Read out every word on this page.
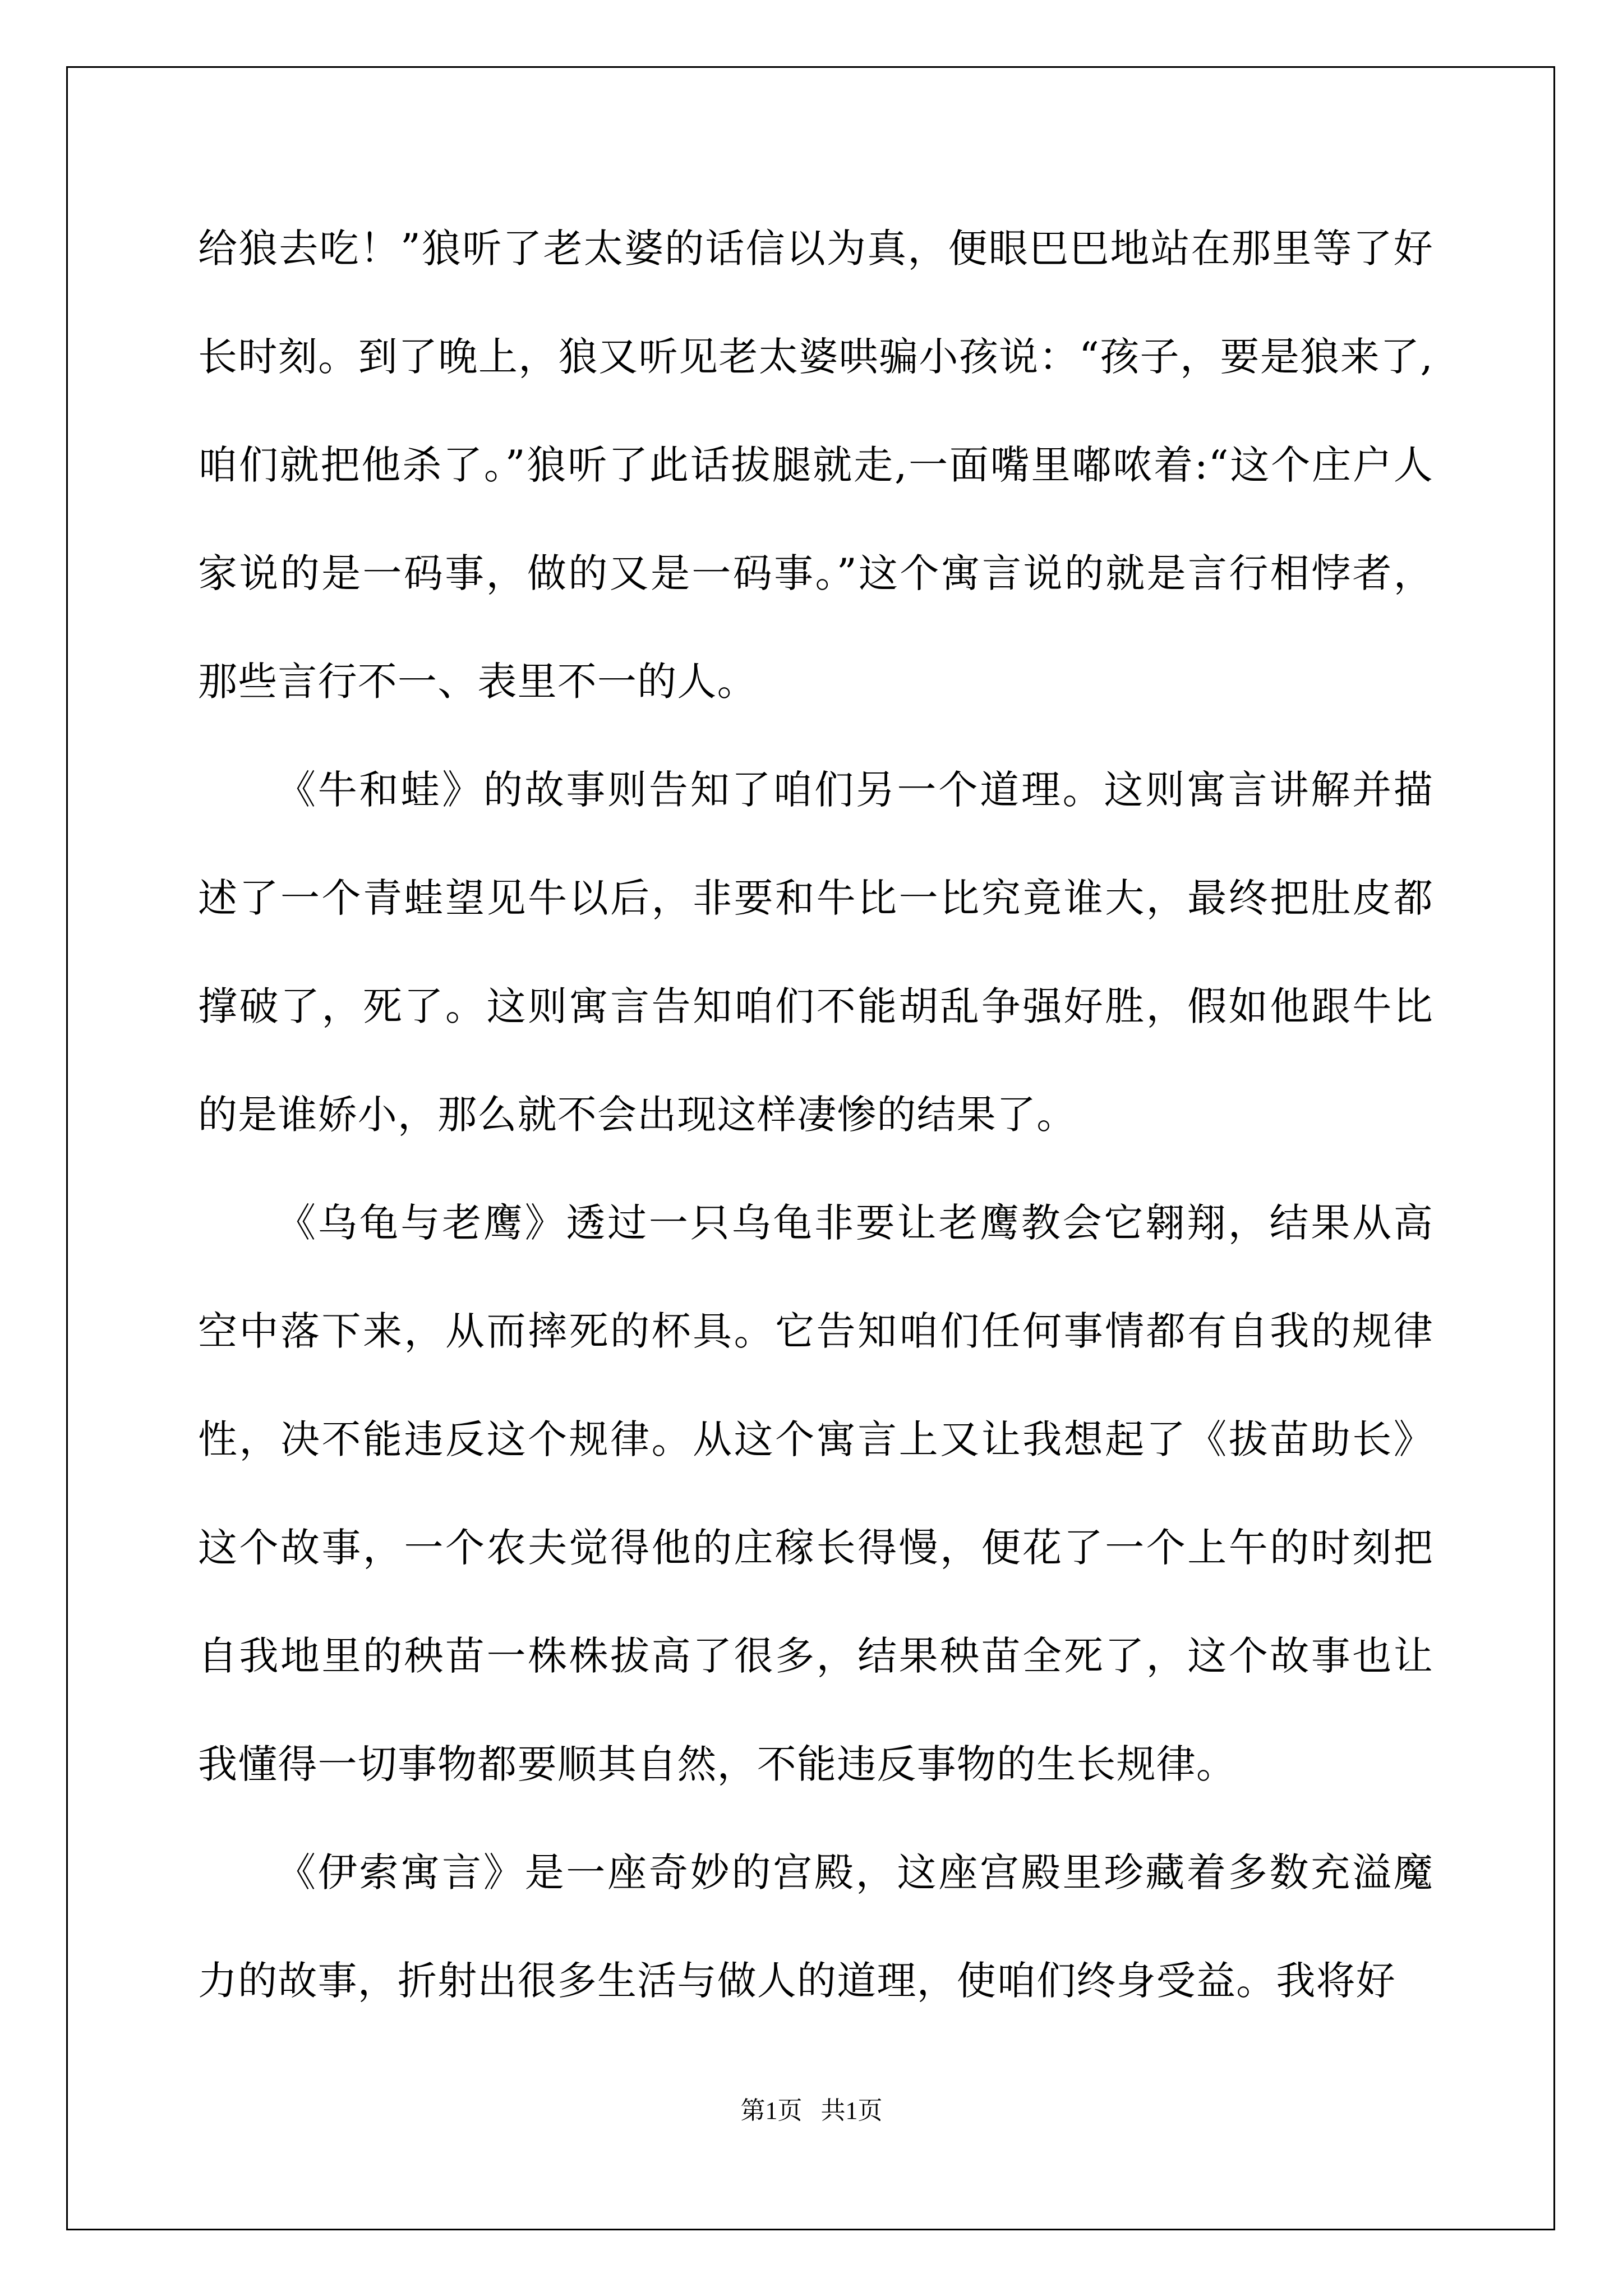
给狼去吃！”狼听了老太婆的话信以为真，便眼巴巴地站在那里等了好长时刻。到了晚上，狼又听见老太婆哄骗小孩说：“孩子，要是狼来了,咱们就把他杀了。”狼听了此话拔腿就走,一面嘴里嘟哝着:“这个庄户人家说的是一码事，做的又是一码事。”这个寓言说的就是言行相悖者，那些言行不一、表里不一的人。

《牛和蛙》的故事则告知了咱们另一个道理。这则寓言讲解并描述了一个青蛙望见牛以后，非要和牛比一比究竟谁大，最终把肚皮都撑破了，死了。这则寓言告知咱们不能胡乱争强好胜，假如他跟牛比的是谁娇小，那么就不会出现这样凄惨的结果了。

《乌龟与老鹰》透过一只乌龟非要让老鹰教会它翱翔，结果从高空中落下来，从而摔死的杯具。它告知咱们任何事情都有自我的规律性，决不能违反这个规律。从这个寓言上又让我想起了《拔苗助长》这个故事，一个农夫觉得他的庄稼长得慢，便花了一个上午的时刻把自我地里的秧苗一株株拔高了很多，结果秧苗全死了，这个故事也让我懂得一切事物都要顺其自然，不能违反事物的生长规律。

《伊索寓言》是一座奇妙的宫殿，这座宫殿里珍藏着多数充溢魔力的故事，折射出很多生活与做人的道理，使咱们终身受益。我将好

第1页 共1页
